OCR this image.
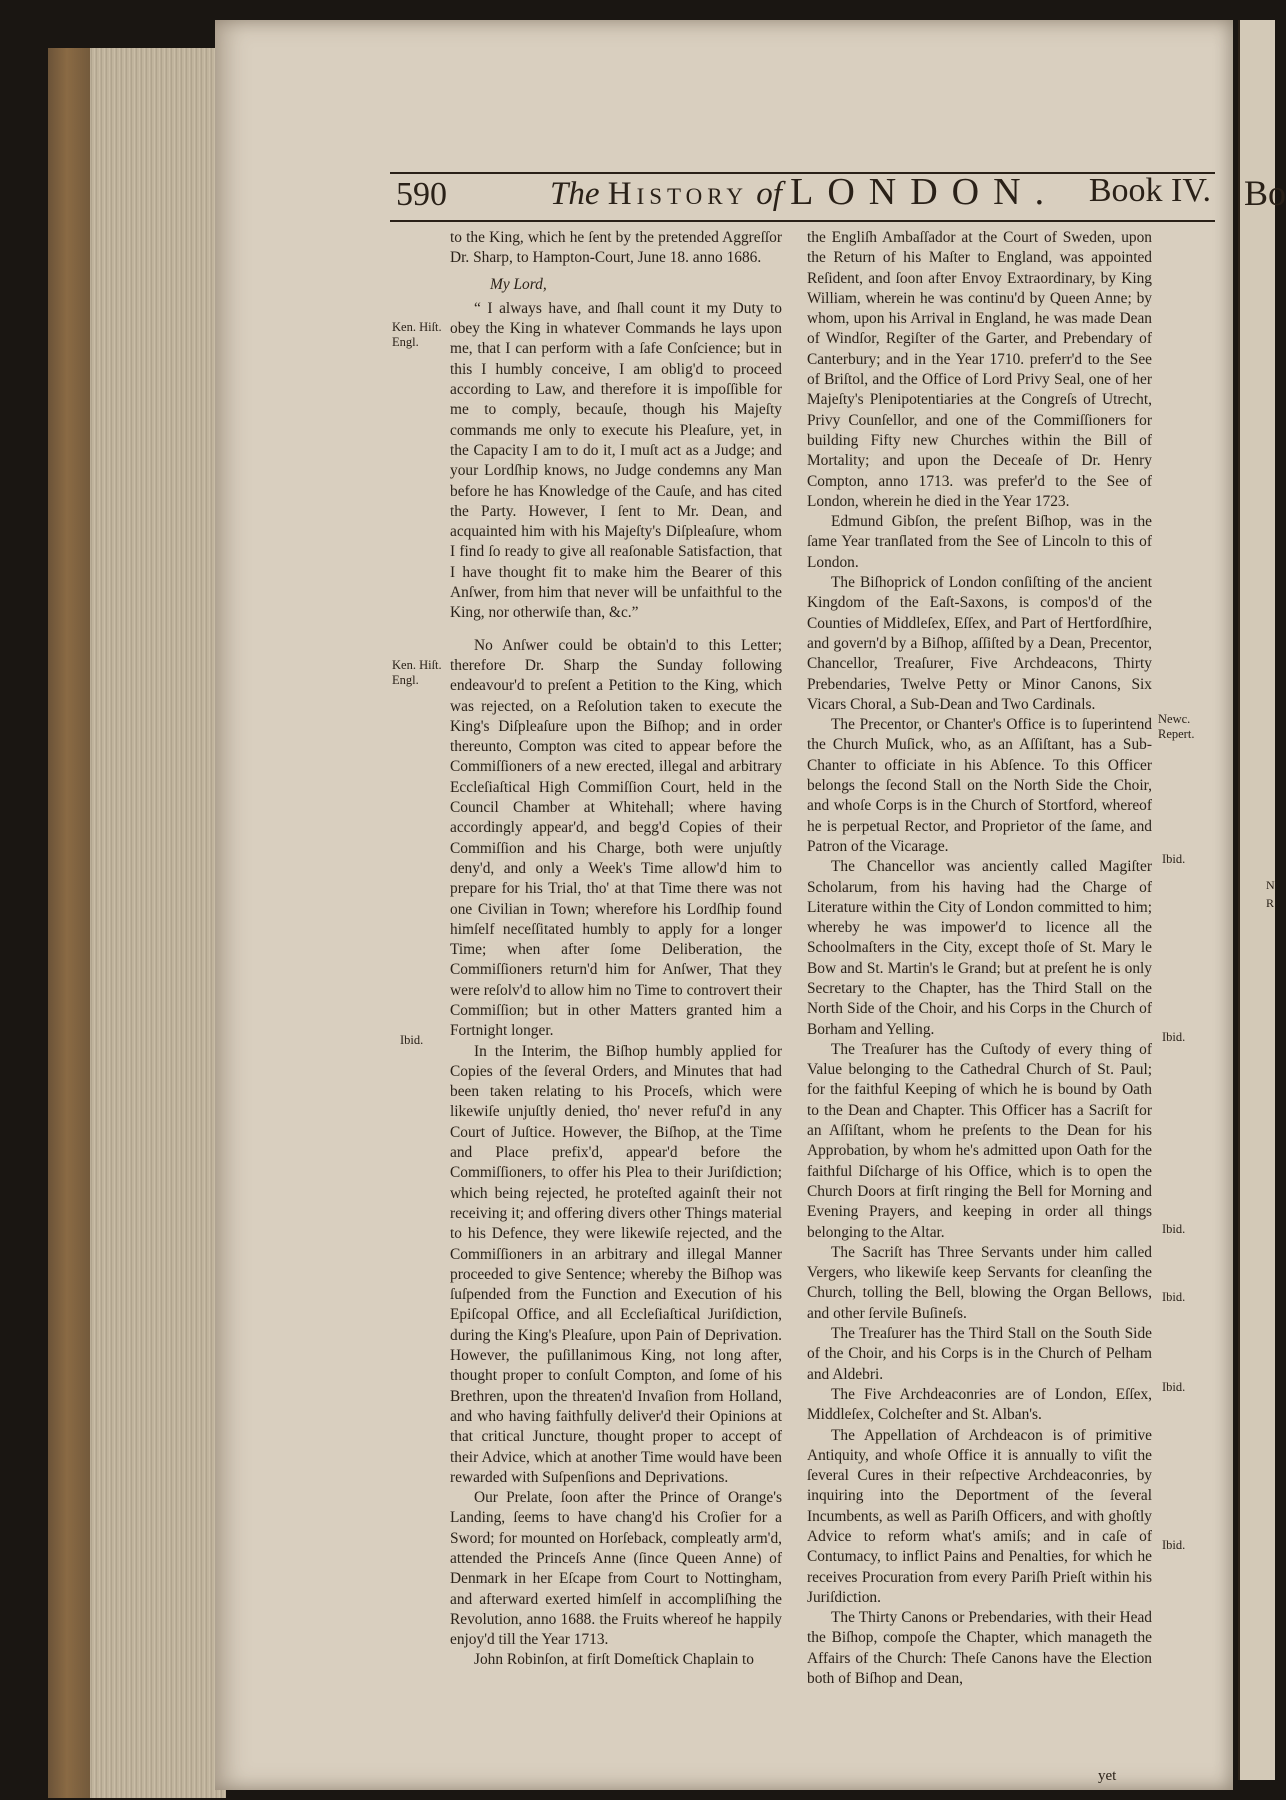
Bo
N
R
590	The History of LONDON. Book IV.

to the King, which he ſent by the pretended Aggreſſor Dr. Sharp, to Hampton-Court, June 18. anno 1686.

My Lord,

“ I always have, and ſhall count it my Duty to obey the King in whatever Commands he lays upon me, that I can perform with a ſafe Conſcience; but in this I humbly conceive, I am oblig'd to proceed according to Law, and therefore it is impoſſible for me to comply, becauſe, though his Majeſty commands me only to execute his Pleaſure, yet, in the Capacity I am to do it, I muſt act as a Judge; and your Lordſhip knows, no Judge condemns any Man before he has Knowledge of the Cauſe, and has cited the Party. However, I ſent to Mr. Dean, and acquainted him with his Majeſty's Diſpleaſure, whom I find ſo ready to give all reaſonable Satisfaction, that I have thought fit to make him the Bearer of this Anſwer, from him that never will be unfaithful to the King, nor otherwiſe than, &c.”

No Anſwer could be obtain'd to this Letter; therefore Dr. Sharp the Sunday following endeavour'd to preſent a Petition to the King, which was rejected, on a Reſolution taken to execute the King's Diſpleaſure upon the Biſhop; and in order thereunto, Compton was cited to appear before the Commiſſioners of a new erected, illegal and arbitrary Eccleſiaſtical High Commiſſion Court, held in the Council Chamber at Whitehall; where having accordingly appear'd, and begg'd Copies of their Commiſſion and his Charge, both were unjuſtly deny'd, and only a Week's Time allow'd him to prepare for his Trial, tho' at that Time there was not one Civilian in Town; wherefore his Lordſhip found himſelf neceſſitated humbly to apply for a longer Time; when after ſome Deliberation, the Commiſſioners return'd him for Anſwer, That they were reſolv'd to allow him no Time to controvert their Commiſſion; but in other Matters granted him a Fortnight longer.

In the Interim, the Biſhop humbly applied for Copies of the ſeveral Orders, and Minutes that had been taken relating to his Proceſs, which were likewiſe unjuſtly denied, tho' never refuſ'd in any Court of Juſtice. However, the Biſhop, at the Time and Place prefix'd, appear'd before the Commiſſioners, to offer his Plea to their Juriſdiction; which being rejected, he proteſted againſt their not receiving it; and offering divers other Things material to his Defence, they were likewiſe rejected, and the Commiſſioners in an arbitrary and illegal Manner proceeded to give Sentence; whereby the Biſhop was ſuſpended from the Function and Execution of his Epiſcopal Office, and all Eccleſiaſtical Juriſdiction, during the King's Pleaſure, upon Pain of Deprivation. However, the puſillanimous King, not long after, thought proper to conſult Compton, and ſome of his Brethren, upon the threaten'd Invaſion from Holland, and who having faithfully deliver'd their Opinions at that critical Juncture, thought proper to accept of their Advice, which at another Time would have been rewarded with Suſpenſions and Deprivations.

Our Prelate, ſoon after the Prince of Orange's Landing, ſeems to have chang'd his Croſier for a Sword; for mounted on Horſeback, compleatly arm'd, attended the Princeſs Anne (ſince Queen Anne) of Denmark in her Eſcape from Court to Nottingham, and afterward exerted himſelf in accompliſhing the Revolution, anno 1688. the Fruits whereof he happily enjoy'd till the Year 1713.

John Robinſon, at firſt Domeſtick Chaplain to

the Engliſh Ambaſſador at the Court of Sweden, upon the Return of his Maſter to England, was appointed Reſident, and ſoon after Envoy Extraordinary, by King William, wherein he was continu'd by Queen Anne; by whom, upon his Arrival in England, he was made Dean of Windſor, Regiſter of the Garter, and Prebendary of Canterbury; and in the Year 1710. preferr'd to the See of Briſtol, and the Office of Lord Privy Seal, one of her Majeſty's Plenipotentiaries at the Congreſs of Utrecht, Privy Counſellor, and one of the Commiſſioners for building Fifty new Churches within the Bill of Mortality; and upon the Deceaſe of Dr. Henry Compton, anno 1713. was prefer'd to the See of London, wherein he died in the Year 1723.

Edmund Gibſon, the preſent Biſhop, was in the ſame Year tranſlated from the See of Lincoln to this of London.

The Biſhoprick of London conſiſting of the ancient Kingdom of the Eaſt-Saxons, is compos'd of the Counties of Middleſex, Eſſex, and Part of Hertfordſhire, and govern'd by a Biſhop, aſſiſted by a Dean, Precentor, Chancellor, Treaſurer, Five Archdeacons, Thirty Prebendaries, Twelve Petty or Minor Canons, Six Vicars Choral, a Sub-Dean and Two Cardinals.

The Precentor, or Chanter's Office is to ſuperintend the Church Muſick, who, as an Aſſiſtant, has a Sub-Chanter to officiate in his Abſence. To this Officer belongs the ſecond Stall on the North Side the Choir, and whoſe Corps is in the Church of Stortford, whereof he is perpetual Rector, and Proprietor of the ſame, and Patron of the Vicarage.

The Chancellor was anciently called Magiſter Scholarum, from his having had the Charge of Literature within the City of London committed to him; whereby he was impower'd to licence all the Schoolmaſters in the City, except thoſe of St. Mary le Bow and St. Martin's le Grand; but at preſent he is only Secretary to the Chapter, has the Third Stall on the North Side of the Choir, and his Corps in the Church of Borham and Yelling.

The Treaſurer has the Cuſtody of every thing of Value belonging to the Cathedral Church of St. Paul; for the faithful Keeping of which he is bound by Oath to the Dean and Chapter. This Officer has a Sacriſt for an Aſſiſtant, whom he preſents to the Dean for his Approbation, by whom he's admitted upon Oath for the faithful Diſcharge of his Office, which is to open the Church Doors at firſt ringing the Bell for Morning and Evening Prayers, and keeping in order all things belonging to the Altar.

The Sacriſt has Three Servants under him called Vergers, who likewiſe keep Servants for cleanſing the Church, tolling the Bell, blowing the Organ Bellows, and other ſervile Buſineſs.

The Treaſurer has the Third Stall on the South Side of the Choir, and his Corps is in the Church of Pelham and Aldebri.

The Five Archdeaconries are of London, Eſſex, Middleſex, Colcheſter and St. Alban's.

The Appellation of Archdeacon is of primitive Antiquity, and whoſe Office it is annually to viſit the ſeveral Cures in their reſpective Archdeaconries, by inquiring into the Deportment of the ſeveral Incumbents, as well as Pariſh Officers, and with ghoſtly Advice to reform what's amiſs; and in caſe of Contumacy, to inflict Pains and Penalties, for which he receives Procuration from every Pariſh Prieſt within his Juriſdiction.

The Thirty Canons or Prebendaries, with their Head the Biſhop, compoſe the Chapter, which manageth the Affairs of the Church: Theſe Canons have the Election both of Biſhop and Dean,

Ken. Hiſt. Engl.
Ken. Hiſt. Engl.
Ibid.
Newc. Repert.
Ibid.
Ibid.
Ibid.
Ibid.
Ibid.
Ibid.
yet
